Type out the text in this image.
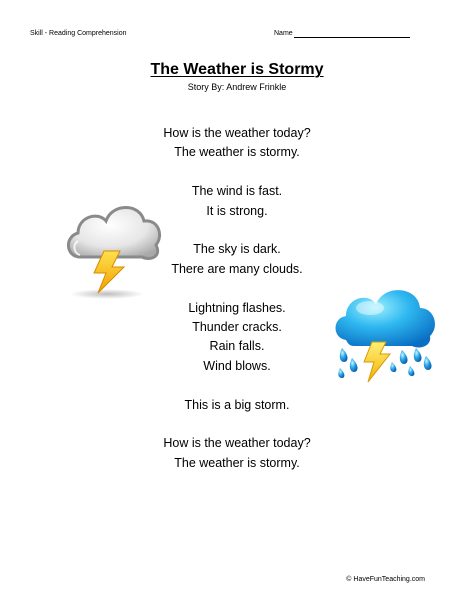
Skill - Reading Comprehension	Name
The Weather is Stormy
Story By: Andrew Frinkle

How is the weather today?
The weather is stormy.

The wind is fast.
It is strong.

The sky is dark.
There are many clouds.

Lightning flashes.
Thunder cracks.
Rain falls.
Wind blows.

This is a big storm.

How is the weather today?
The weather is stormy.

© HaveFunTeaching.com
